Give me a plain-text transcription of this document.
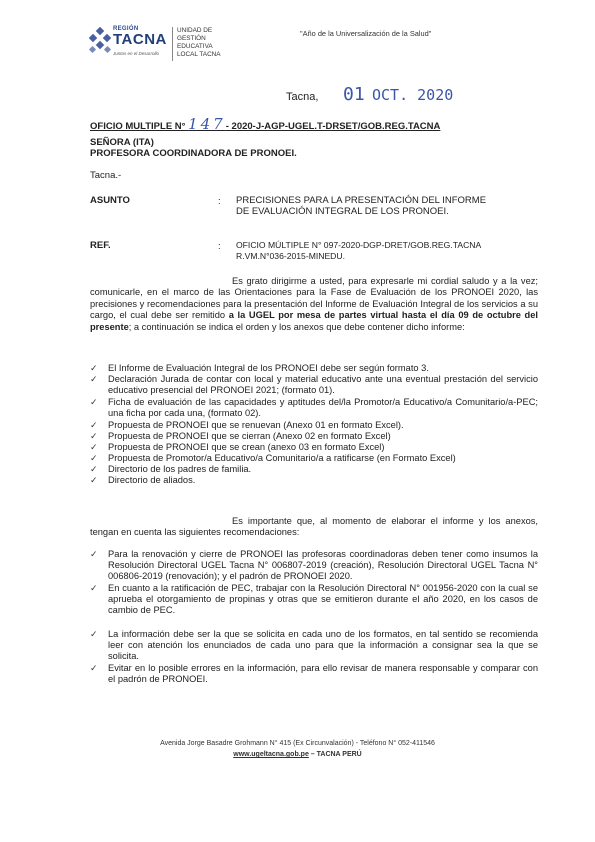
REGIÓN
TACNA
Juntos en el Desarrollo
UNIDAD DE
GESTIÓN
EDUCATIVA
LOCAL TACNA
"Año de la Universalización de la Salud"
Tacna, 01 OCT. 2020
OFICIO MULTIPLE N° 147- 2020-J-AGP-UGEL.T-DRSET/GOB.REG.TACNA
SEÑORA (ITA)
PROFESORA COORDINADORA DE PRONOEI.
Tacna.-
ASUNTO	: PRECISIONES PARA LA PRESENTACIÓN DEL INFORME
DE EVALUACIÓN INTEGRAL DE LOS PRONOEI.
REF.	: OFICIO MÚLTIPLE N° 097-2020-DGP-DRET/GOB.REG.TACNA
R.VM.N°036-2015-MINEDU.
Es grato dirigirme a usted, para expresarle mi cordial saludo y a la vez; comunicarle, en el marco de las Orientaciones para la Fase de Evaluación de los PRONOEI 2020, las precisiones y recomendaciones para la presentación del Informe de Evaluación Integral de los servicios a su cargo, el cual debe ser remitido a la UGEL por mesa de partes virtual hasta el día 09 de octubre del presente; a continuación se indica el orden y los anexos que debe contener dicho informe:
✓ El Informe de Evaluación Integral de los PRONOEI debe ser según formato 3.
✓ Declaración Jurada de contar con local y material educativo ante una eventual prestación del servicio educativo presencial del PRONOEI 2021; (formato 01).
✓ Ficha de evaluación de las capacidades y aptitudes del/la Promotor/a Educativo/a Comunitario/a-PEC; una ficha por cada una, (formato 02).
✓ Propuesta de PRONOEI que se renuevan (Anexo 01 en formato Excel).
✓ Propuesta de PRONOEI que se cierran (Anexo 02 en formato Excel)
✓ Propuesta de PRONOEI que se crean (anexo 03 en formato Excel)
✓ Propuesta de Promotor/a Educativo/a Comunitario/a a ratificarse (en Formato Excel)
✓ Directorio de los padres de familia.
✓ Directorio de aliados.
Es importante que, al momento de elaborar el informe y los anexos, tengan en cuenta las siguientes recomendaciones:
✓ Para la renovación y cierre de PRONOEI las profesoras coordinadoras deben tener como insumos la Resolución Directoral UGEL Tacna N° 006807-2019 (creación), Resolución Directoral UGEL Tacna N° 006806-2019 (renovación); y el padrón de PRONOEI 2020.
✓ En cuanto a la ratificación de PEC, trabajar con la Resolución Directoral N° 001956-2020 con la cual se aprueba el otorgamiento de propinas y otras que se emitieron durante el año 2020, en los casos de cambio de PEC.
✓ La información debe ser la que se solicita en cada uno de los formatos, en tal sentido se recomienda leer con atención los enunciados de cada uno para que la información a consignar sea la que se solicita.
✓ Evitar en lo posible errores en la información, para ello revisar de manera responsable y comparar con el padrón de PRONOEI.
Avenida Jorge Basadre Grohmann N° 415 (Ex Circunvalación) - Teléfono N° 052-411546
www.ugeltacna.gob.pe – TACNA PERÚ
